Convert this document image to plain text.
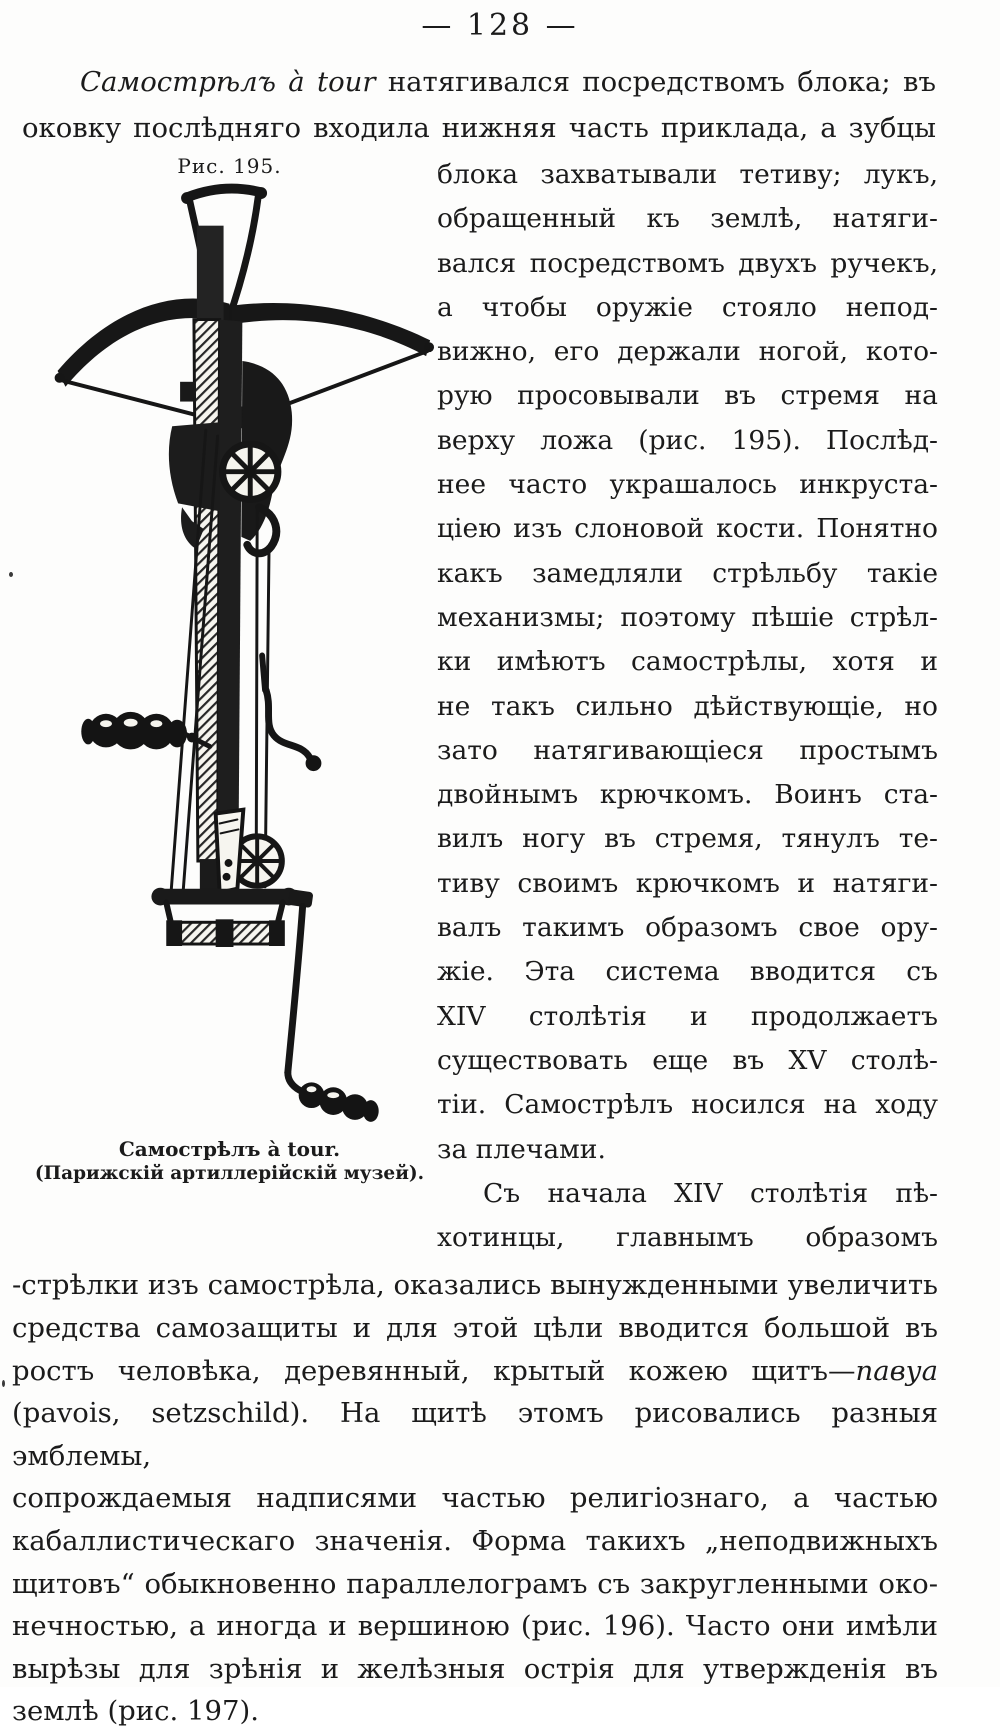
— 128 —
Самострѣлъ à tour натягивался посредствомъ блока; въ
оковку послѣдняго входила нижняя часть приклада, а зубцы
Рис. 195.
Самострѣлъ à tour.
(Парижскій артиллерійскій музей).
блока захватывали тетиву; лукъ,
обращенный къ землѣ, натяги-
вался посредствомъ двухъ ручекъ,
а чтобы оружіе стояло непод-
вижно, его держали ногой, кото-
рую просовывали въ стремя на
верху ложа (рис. 195). Послѣд-
нее часто украшалось инкруста-
ціею изъ слоновой кости. Понятно
какъ замедляли стрѣльбу такіе
механизмы; поэтому пѣшіе стрѣл-
ки имѣютъ самострѣлы, хотя и
не такъ сильно дѣйствующіе, но
зато натягивающіеся простымъ
двойнымъ крючкомъ. Воинъ ста-
вилъ ногу въ стремя, тянулъ те-
тиву своимъ крючкомъ и натяги-
валъ такимъ образомъ свое ору-
жіе. Эта система вводится съ
XIV столѣтія и продолжаетъ
существовать еще въ XV столѣ-
тіи. Самострѣлъ носился на ходу
за плечами.
Съ начала XIV столѣтія пѣ-
хотинцы, главнымъ образомъ
-стрѣлки изъ самострѣла, оказались вынужденными увеличить
средства самозащиты и для этой цѣли вводится большой въ
ростъ человѣка, деревянный, крытый кожею щитъ—павуа
(pavois, setzschild). На щитѣ этомъ рисовались разныя эмблемы,
сопрождаемыя надписями частью религіознаго, а частью
кабаллистическаго значенія. Форма такихъ „неподвижныхъ
щитовъ“ обыкновенно параллелограмъ съ закругленными око-
нечностью, а иногда и вершиною (рис. 196). Часто они имѣли
вырѣзы для зрѣнія и желѣзныя острія для утвержденія въ
землѣ (рис. 197).
